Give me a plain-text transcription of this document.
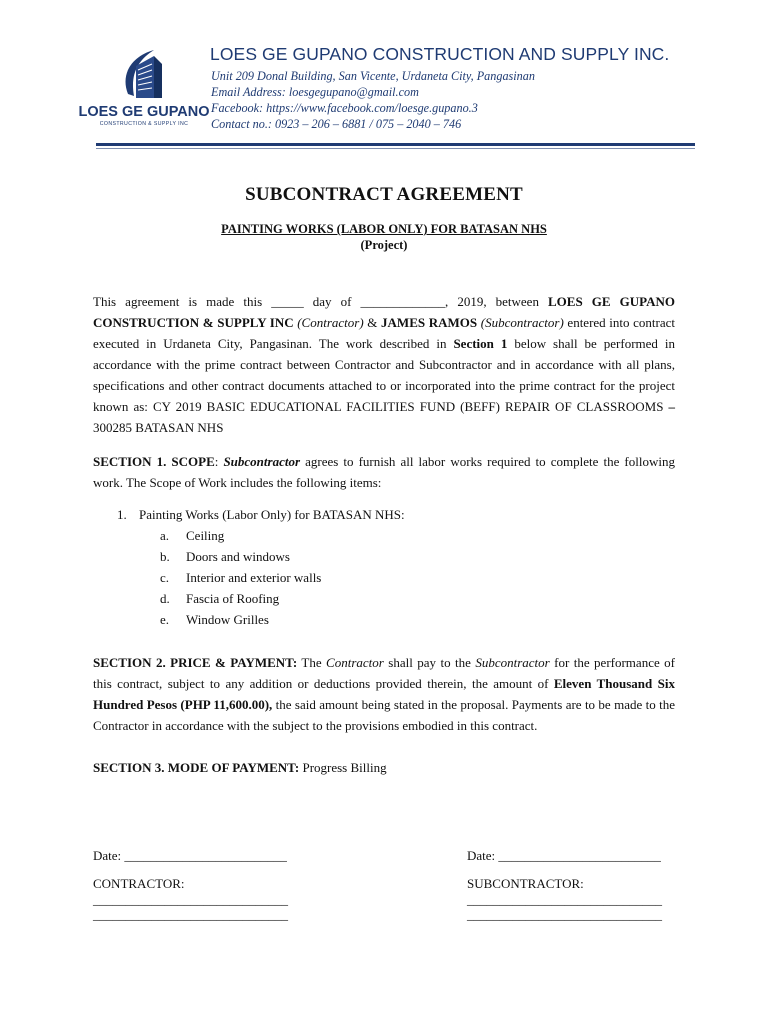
LOES GE GUPANO
CONSTRUCTION & SUPPLY INC
LOES GE GUPANO CONSTRUCTION AND SUPPLY INC.
Unit 209 Donal Building, San Vicente, Urdaneta City, Pangasinan
Email Address: loesgegupano@gmail.com
Facebook: https://www.facebook.com/loesge.gupano.3
Contact no.: 0923 – 206 – 6881 / 075 – 2040 – 746
SUBCONTRACT AGREEMENT
PAINTING WORKS (LABOR ONLY) FOR BATASAN NHS
(Project)
This agreement is made this _____ day of _____________, 2019, between LOES GE GUPANO CONSTRUCTION & SUPPLY INC (Contractor) & JAMES RAMOS (Subcontractor) entered into contract executed in Urdaneta City, Pangasinan. The work described in Section 1 below shall be performed in accordance with the prime contract between Contractor and Subcontractor and in accordance with all plans, specifications and other contract documents attached to or incorporated into the prime contract for the project known as: CY 2019 BASIC EDUCATIONAL FACILITIES FUND (BEFF) REPAIR OF CLASSROOMS – 300285 BATASAN NHS
SECTION 1. SCOPE: Subcontractor agrees to furnish all labor works required to complete the following work. The Scope of Work includes the following items:
1. Painting Works (Labor Only) for BATASAN NHS:
a. Ceiling
b. Doors and windows
c. Interior and exterior walls
d. Fascia of Roofing
e. Window Grilles
SECTION 2. PRICE & PAYMENT: The Contractor shall pay to the Subcontractor for the performance of this contract, subject to any addition or deductions provided therein, the amount of Eleven Thousand Six Hundred Pesos (PHP 11,600.00), the said amount being stated in the proposal. Payments are to be made to the Contractor in accordance with the subject to the provisions embodied in this contract.
SECTION 3. MODE OF PAYMENT: Progress Billing
Date: _________________________	Date: _________________________
CONTRACTOR:	SUBCONTRACTOR:
______________________________	______________________________
______________________________	______________________________
